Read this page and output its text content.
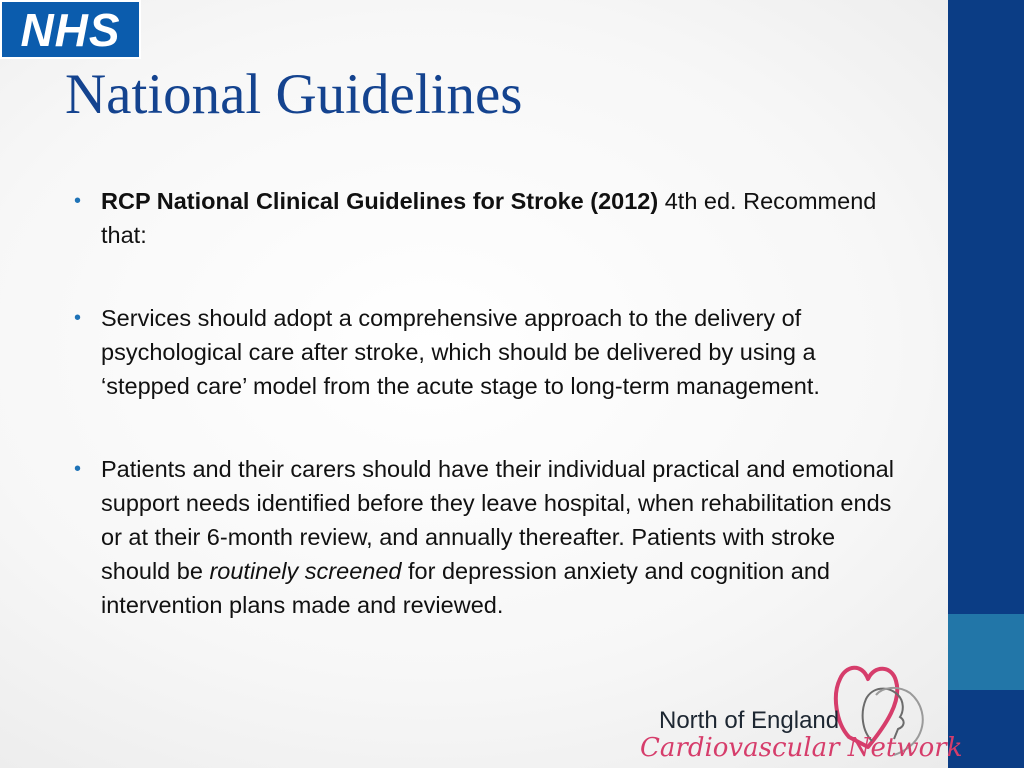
NHS
National Guidelines

• RCP National Clinical Guidelines for Stroke (2012) 4th ed. Recommend that:

• Services should adopt a comprehensive approach to the delivery of psychological care after stroke, which should be delivered by using a ‘stepped care’ model from the acute stage to long-term management.

• Patients and their carers should have their individual practical and emotional support needs identified before they leave hospital, when rehabilitation ends or at their 6-month review, and annually thereafter. Patients with stroke should be routinely screened for depression anxiety and cognition and intervention plans made and reviewed.

North of England
Cardiovascular Network
